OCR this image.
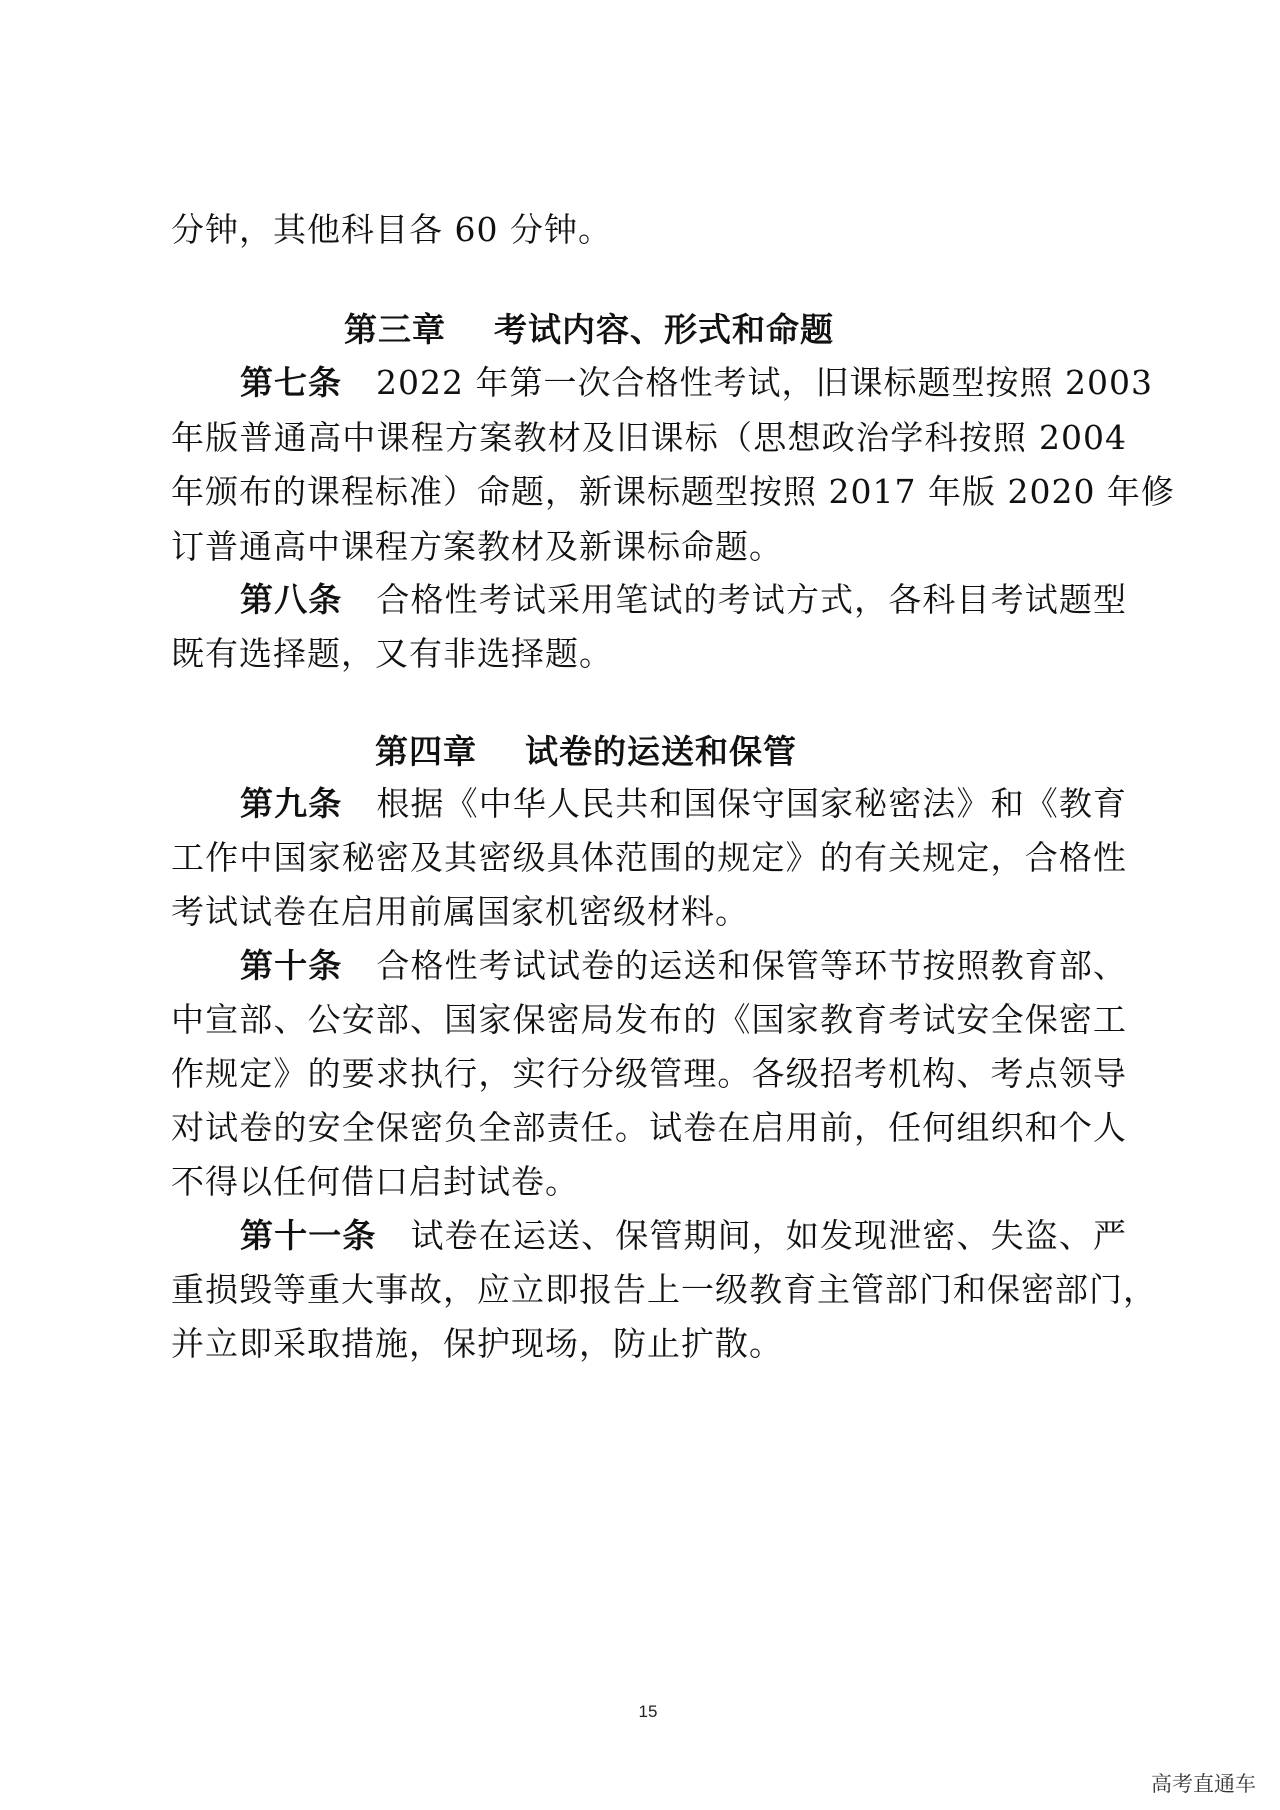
分钟，其他科目各 60 分钟。
第三章 考试内容、形式和命题
第七条 2022 年第一次合格性考试，旧课标题型按照 2003
年版普通高中课程方案教材及旧课标（思想政治学科按照 2004
年颁布的课程标准）命题，新课标题型按照 2017 年版 2020 年修
订普通高中课程方案教材及新课标命题。
第八条 合格性考试采用笔试的考试方式，各科目考试题型
既有选择题，又有非选择题。
第四章 试卷的运送和保管
第九条 根据《中华人民共和国保守国家秘密法》和《教育
工作中国家秘密及其密级具体范围的规定》的有关规定，合格性
考试试卷在启用前属国家机密级材料。
第十条 合格性考试试卷的运送和保管等环节按照教育部、
中宣部、公安部、国家保密局发布的《国家教育考试安全保密工
作规定》的要求执行，实行分级管理。各级招考机构、考点领导
对试卷的安全保密负全部责任。试卷在启用前，任何组织和个人
不得以任何借口启封试卷。
第十一条 试卷在运送、保管期间，如发现泄密、失盗、严
重损毁等重大事故，应立即报告上一级教育主管部门和保密部门，
并立即采取措施，保护现场，防止扩散。
15
高考直通车
